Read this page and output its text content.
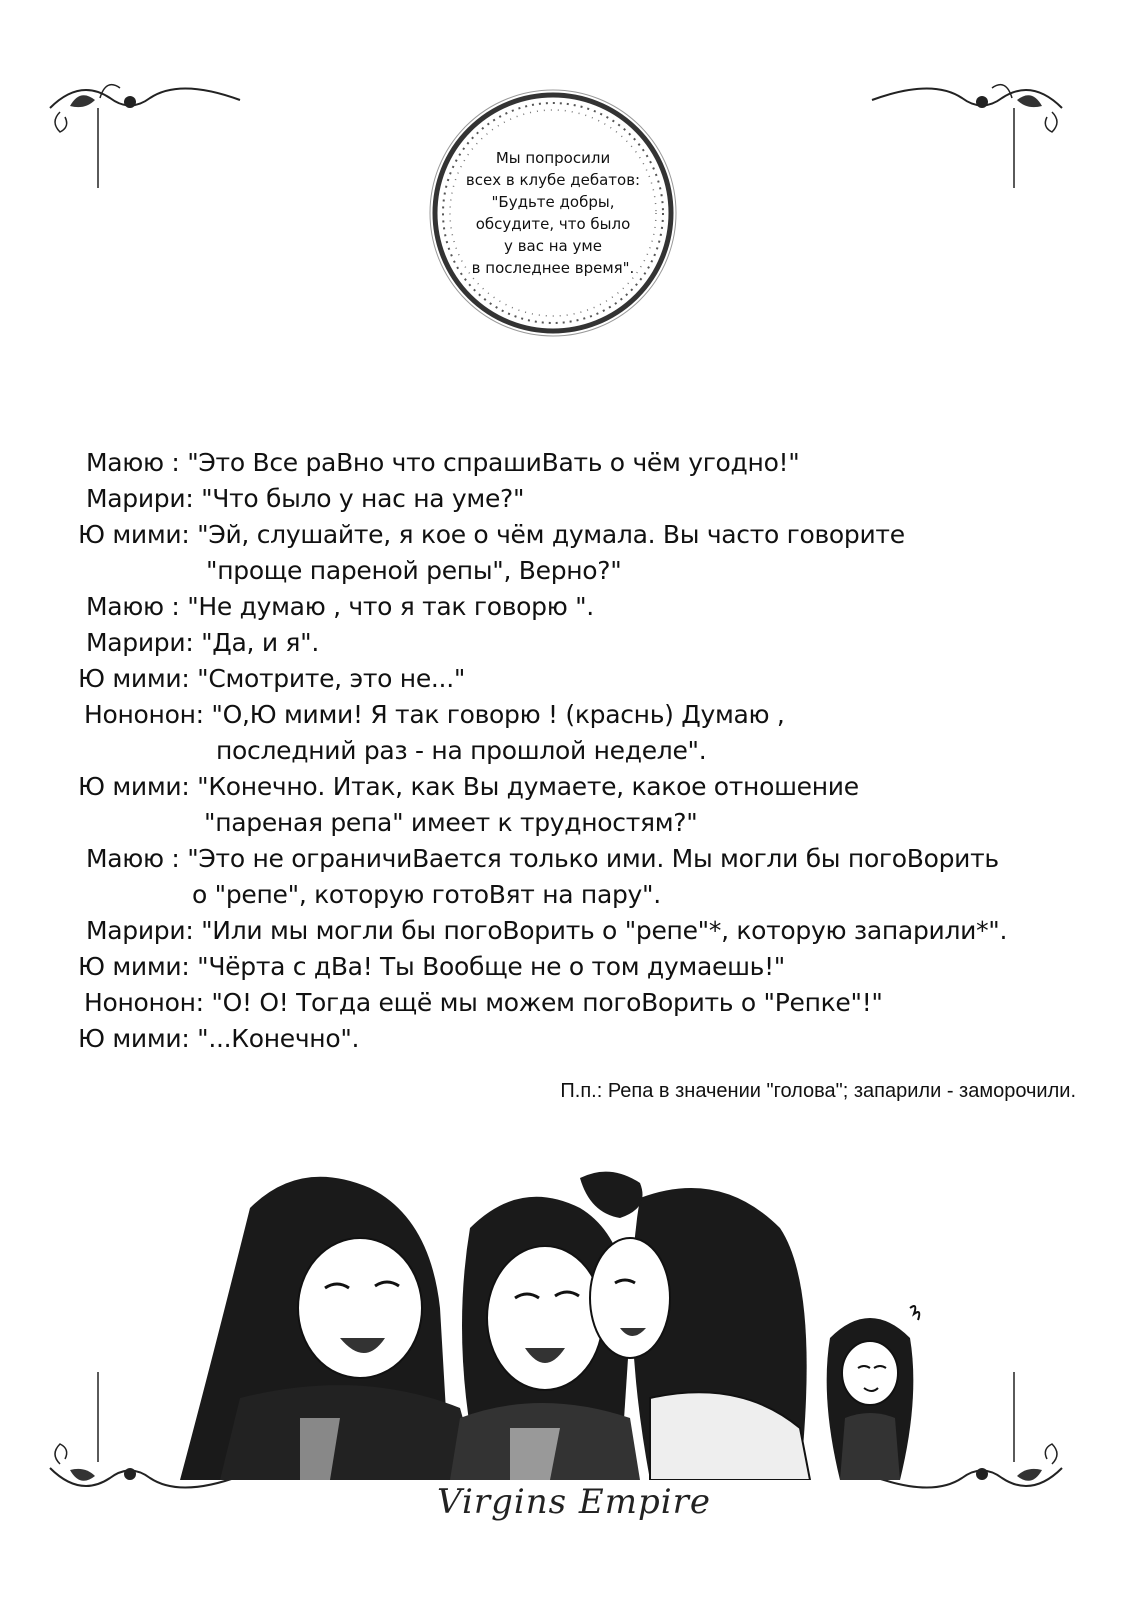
Мы попросили
всех в клубе дебатов:
"Будьте добры,
обсудите, что было
у вас на уме
в последнее время".
Маюю : "Это Все раВно что спрашиВать о чём угодно!"
Марири: "Что было у нас на уме?"
Ю мими: "Эй, слушайте, я кое о чём думала. Вы часто говорите
"проще пареной репы", Верно?"
Маюю : "Не думаю , что я так говорю ".
Марири: "Да, и я".
Ю мими: "Смотрите, это не..."
Нононон: "О,Ю мими! Я так говорю ! (краснь) Думаю ,
последний раз - на прошлой неделе".
Ю мими: "Конечно. Итак, как Вы думаете, какое отношение
"пареная репа" имеет к трудностям?"
Маюю : "Это не ограничиВается только ими. Мы могли бы погоВорить
о "репе", которую готоВят на пару".
Марири: "Или мы могли бы погоВорить о "репе"*, которую запарили*".
Ю мими: "Чёрта с дВа! Ты Вообще не о том думаешь!"
Нононон: "О! О! Тогда ещё мы можем погоВорить о "Репке"!"
Ю мими: "...Конечно".
П.п.: Репа в значении "голова"; запарили - заморочили.
Virgins Empire
